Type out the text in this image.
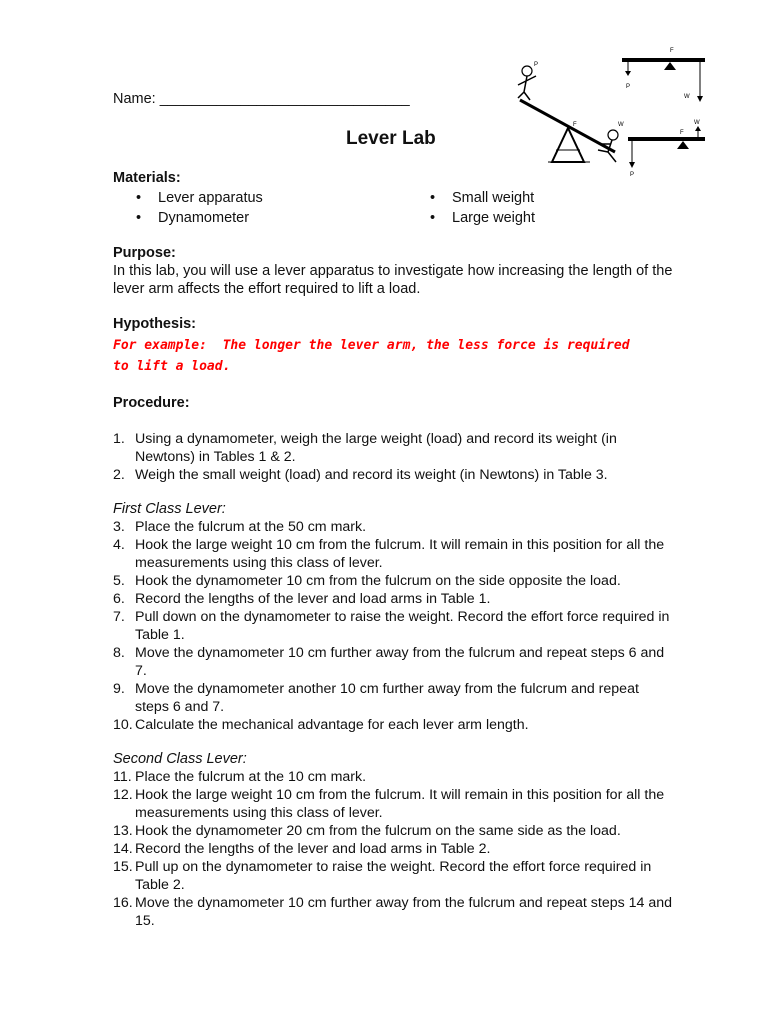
Name: _______________________________
Lever Lab
F
P
W
P
F	W
F
W
P
Materials:
• Lever apparatus
• Dynamometer
• Small weight
• Large weight
Purpose:
In this lab, you will use a lever apparatus to investigate how increasing the length of the lever arm affects the effort required to lift a load.
Hypothesis:
For example:  The longer the lever arm, the less force is required to lift a load.
Procedure:
1. Using a dynamometer, weigh the large weight (load) and record its weight (in Newtons) in Tables 1 & 2.
2. Weigh the small weight (load) and record its weight (in Newtons) in Table 3.
First Class Lever:
3. Place the fulcrum at the 50 cm mark.
4. Hook the large weight 10 cm from the fulcrum. It will remain in this position for all the measurements using this class of lever.
5. Hook the dynamometer 10 cm from the fulcrum on the side opposite the load.
6. Record the lengths of the lever and load arms in Table 1.
7. Pull down on the dynamometer to raise the weight. Record the effort force required in Table 1.
8. Move the dynamometer 10 cm further away from the fulcrum and repeat steps 6 and 7.
9. Move the dynamometer another 10 cm further away from the fulcrum and repeat steps 6 and 7.
10. Calculate the mechanical advantage for each lever arm length.
Second Class Lever:
11. Place the fulcrum at the 10 cm mark.
12. Hook the large weight 10 cm from the fulcrum. It will remain in this position for all the measurements using this class of lever.
13. Hook the dynamometer 20 cm from the fulcrum on the same side as the load.
14. Record the lengths of the lever and load arms in Table 2.
15. Pull up on the dynamometer to raise the weight. Record the effort force required in Table 2.
16. Move the dynamometer 10 cm further away from the fulcrum and repeat steps 14 and 15.
